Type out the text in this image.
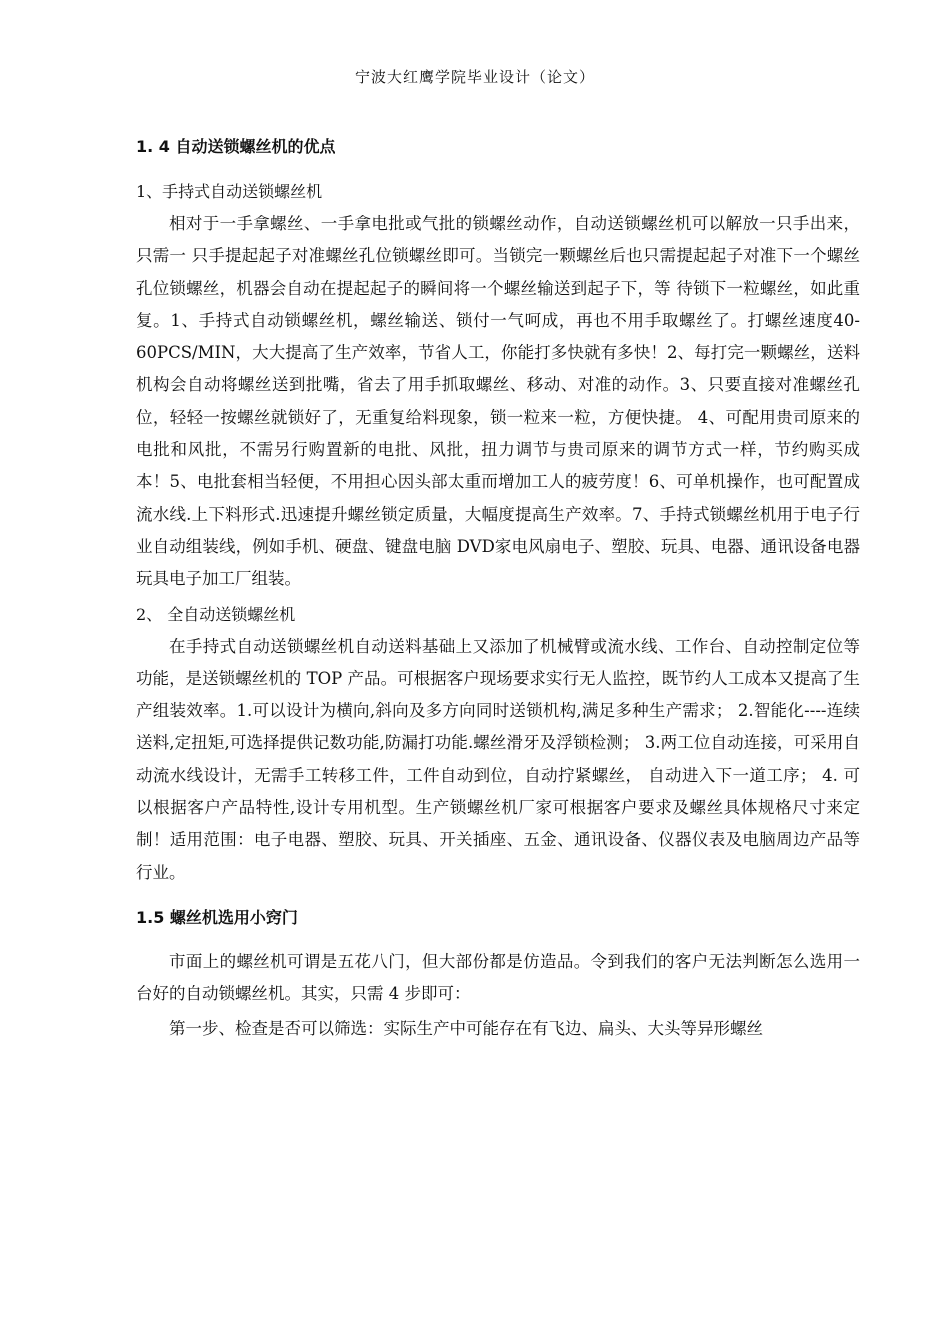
宁波大红鹰学院毕业设计（论文）

1. 4 自动送锁螺丝机的优点

1、手持式自动送锁螺丝机

相对于一手拿螺丝、一手拿电批或气批的锁螺丝动作，自动送锁螺丝机可以解放一只手出来，只需一 只手提起起子对准螺丝孔位锁螺丝即可。当锁完一颗螺丝后也只需提起起子对准下一个螺丝孔位锁螺丝，机器会自动在提起起子的瞬间将一个螺丝输送到起子下，等 待锁下一粒螺丝，如此重复。1、手持式自动锁螺丝机，螺丝输送、锁付一气呵成，再也不用手取螺丝了。打螺丝速度40-60PCS/MIN，大大提高了生产效率，节省人工，你能打多快就有多快！2、每打完一颗螺丝，送料机构会自动将螺丝送到批嘴，省去了用手抓取螺丝、移动、对准的动作。3、只要直接对准螺丝孔位，轻轻一按螺丝就锁好了，无重复给料现象，锁一粒来一粒，方便快捷。 4、可配用贵司原来的电批和风批，不需另行购置新的电批、风批，扭力调节与贵司原来的调节方式一样，节约购买成本！5、电批套相当轻便，不用担心因头部太重而增加工人的疲劳度！6、可单机操作，也可配置成流水线.上下料形式.迅速提升螺丝锁定质量，大幅度提高生产效率。7、手持式锁螺丝机用于电子行业自动组装线，例如手机、硬盘、键盘电脑 DVD家电风扇电子、塑胶、玩具、电器、通讯设备电器玩具电子加工厂组装。

2、 全自动送锁螺丝机

在手持式自动送锁螺丝机自动送料基础上又添加了机械臂或流水线、工作台、自动控制定位等功能，是送锁螺丝机的 TOP 产品。可根据客户现场要求实行无人监控，既节约人工成本又提高了生产组装效率。1.可以设计为横向,斜向及多方向同时送锁机构,满足多种生产需求； 2.智能化----连续送料,定扭矩,可选择提供记数功能,防漏打功能.螺丝滑牙及浮锁检测； 3.两工位自动连接，可采用自动流水线设计，无需手工转移工件，工件自动到位，自动拧紧螺丝， 自动进入下一道工序； 4. 可以根据客户产品特性,设计专用机型。生产锁螺丝机厂家可根据客户要求及螺丝具体规格尺寸来定制！适用范围：电子电器、塑胶、玩具、开关插座、五金、通讯设备、仪器仪表及电脑周边产品等行业。

1.5 螺丝机选用小窍门

市面上的螺丝机可谓是五花八门，但大部份都是仿造品。令到我们的客户无法判断怎么选用一台好的自动锁螺丝机。其实，只需 4 步即可：

第一步、检查是否可以筛选：实际生产中可能存在有飞边、扁头、大头等异形螺丝
